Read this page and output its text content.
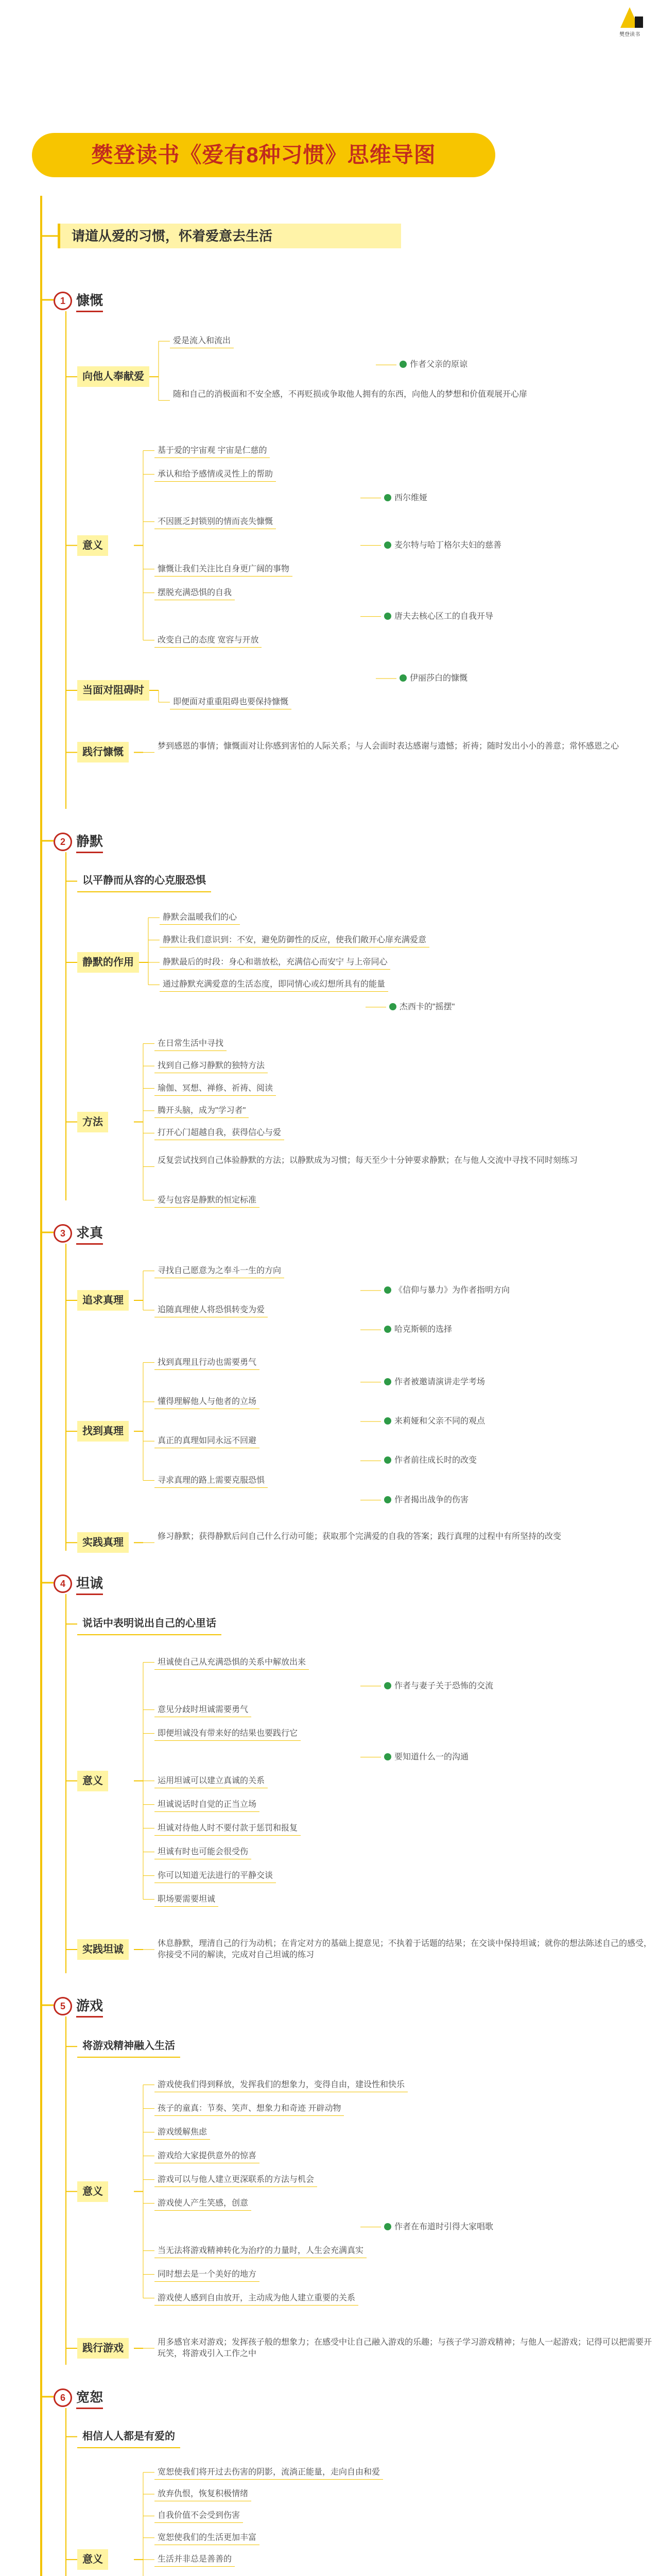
樊登读书
樊登读书《爱有8种习惯》思维导图
请道从爱的习惯，怀着爱意去生活
1 慷慨
向他人奉献爱
爱是流入和流出
作者父亲的原谅
随和自己的消极面和不安全感，不再贬损或争取他人拥有的东西，向他人的梦想和价值观展开心扉
意义
基于爱的宇宙观 宇宙是仁慈的
承认和给予感情或灵性上的帮助
西尔维娅
不因匮乏封锁别的情而丧失慷慨
麦尔特与哈丁格尔夫妇的慈善
慷慨让我们关注比自身更广阔的事物
摆脱充满恐惧的自我
唐夫去核心区工的自我开导
改变自己的态度 宽容与开放
当面对阻碍时
伊丽莎白的慷慨
即便面对重重阻碍也要保持慷慨
践行慷慨
梦到感恩的事情；慷慨面对让你感到害怕的人际关系；与人会面时表达感谢与遗憾；祈祷；随时发出小小的善意；常怀感恩之心
2 静默
以平静而从容的心克服恐惧
静默的作用
静默会温暖我们的心
静默让我们意识到：不安，避免防御性的反应，使我们敞开心扉充满爱意
静默最后的时段：身心和谐放松，充满信心而安宁 与上帝同心
通过静默充满爱意的生活态度，即同情心或幻想所具有的能量
杰西卡的"摇摆"
方法
在日常生活中寻找
找到自己修习静默的独特方法
瑜伽、冥想、禅修、祈祷、阅读
腾开头脑，成为"学习者"
打开心门超越自我，获得信心与爱
反复尝试找到自己体验静默的方法；以静默成为习惯；每天至少十分钟要求静默；在与他人交流中寻找不同时刻练习
爱与包容是静默的恒定标准
3 求真
追求真理
寻找自己愿意为之奉斗一生的方向
《信仰与暴力》为作者指明方向
追随真理使人将恐惧转变为爱
哈克斯顿的选择
找到真理
找到真理且行动也需要勇气
作者被邀请演讲走学考场
懂得理解他人与他者的立场
来莉娅和父亲不同的观点
真正的真理如同永远不回避
作者前往成长时的改变
寻求真理的路上需要克服恐惧
作者揭出战争的伤害
实践真理
修习静默；获得静默后问自己什么行动可能；获取那个完满爱的自我的答案；践行真理的过程中有所坚持的改变
4 坦诚
说话中表明说出自己的心里话
意义
坦诚使自己从充满恐惧的关系中解放出来
作者与妻子关于恐怖的交流
意见分歧时坦诚需要勇气
即便坦诚没有带来好的结果也要践行它
要知道什么一的沟通
运用坦诚可以建立真诚的关系
坦诚说话时自觉的正当立场
坦诚对待他人时不要付款于惩罚和报复
坦诚有时也可能会很受伤
你可以知道无法进行的平静交谈
职场要需要坦诚
实践坦诚
休息静默，理清自己的行为动机；在肯定对方的基础上提意见；不执着于话题的结果；在交谈中保持坦诚；就你的想法陈述自己的感受，你接受不同的解读，完成对自己坦诚的练习
5 游戏
将游戏精神融入生活
意义
游戏使我们得到释放，发挥我们的想象力，变得自由，建设性和快乐
孩子的童真：节奏、笑声、想象力和奇迹 开辟动物
游戏缓解焦虑
游戏给大家提供意外的惊喜
游戏可以与他人建立更深联系的方法与机会
游戏使人产生笑感，创意
作者在布道时引得大家唱歌
当无法将游戏精神转化为治疗的力量时，人生会充满真实
同时想去是一个美好的地方
游戏使人感到自由放开，主动成为他人建立重要的关系
践行游戏
用多感官来对游戏；发挥孩子般的想象力；在感受中让自己融入游戏的乐趣；与孩子学习游戏精神；与他人一起游戏；记得可以把需要开玩笑，将游戏引入工作之中
6 宽恕
相信人人都是有爱的
意义
宽恕使我们将开过去伤害的阴影，流淌正能量，走向自由和爱
放弃仇恨，恢复积极情绪
自我价值不会受到伤害
宽恕使我们的生活更加丰富
生活并非总是善善的
